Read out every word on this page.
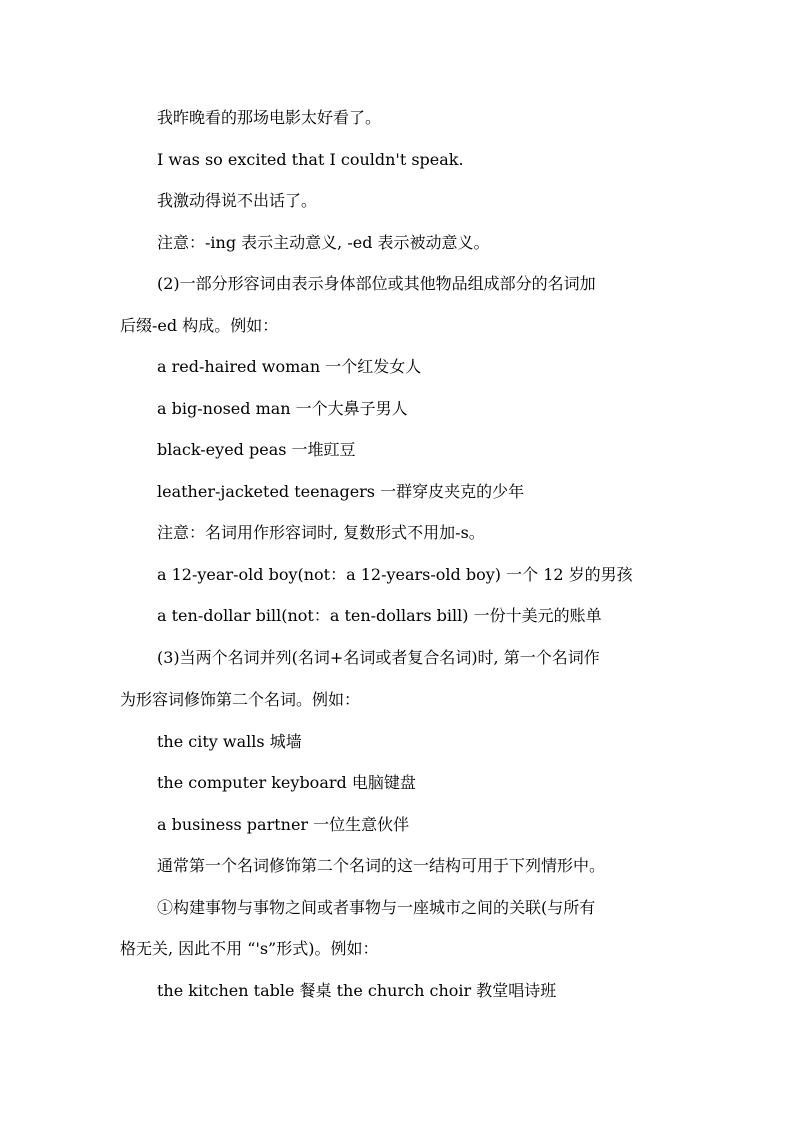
我昨晚看的那场电影太好看了。

I was so excited that I couldn't speak.

我激动得说不出话了。

注意：-ing 表示主动意义, -ed 表示被动意义。

(2)一部分形容词由表示身体部位或其他物品组成部分的名词加

后缀-ed 构成。例如：

a red-haired woman 一个红发女人

a big-nosed man 一个大鼻子男人

black-eyed peas 一堆豇豆

leather-jacketed teenagers 一群穿皮夹克的少年

注意：名词用作形容词时, 复数形式不用加-s。

a 12-year-old boy(not：a 12-years-old boy) 一个 12 岁的男孩

a ten-dollar bill(not：a ten-dollars bill) 一份十美元的账单

(3)当两个名词并列(名词+名词或者复合名词)时, 第一个名词作

为形容词修饰第二个名词。例如：

the city walls 城墙

the computer keyboard 电脑键盘

a business partner 一位生意伙伴

通常第一个名词修饰第二个名词的这一结构可用于下列情形中。

①构建事物与事物之间或者事物与一座城市之间的关联(与所有

格无关, 因此不用 “'s”形式)。例如：

the kitchen table 餐桌 the church choir 教堂唱诗班
